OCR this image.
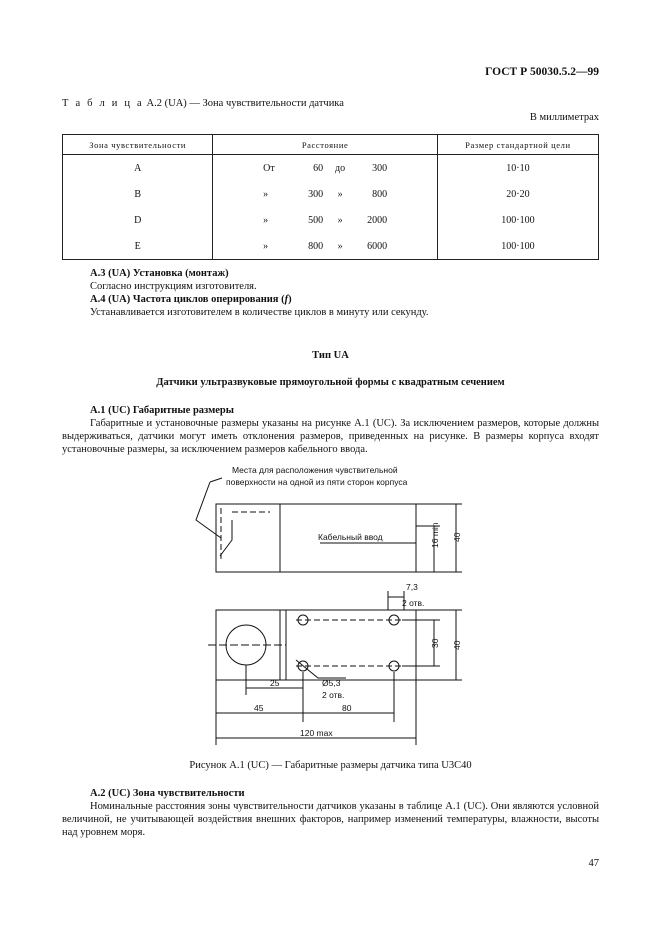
ГОСТ Р 50030.5.2—99
Т а б л и ц а А.2 (UA) — Зона чувствительности датчика
В миллиметрах
Зона чувствительности	Расстояние	Размер стандартной цели
A	От 60 до 300	10·10
B	» 300 » 800	20·20
D	» 500 » 2000	100·100
E	» 800 » 6000	100·100
А.3 (UA) Установка (монтаж)
Согласно инструкциям изготовителя.
А.4 (UA) Частота циклов оперирования (f)
Устанавливается изготовителем в количестве циклов в минуту или секунду.
Тип UA
Датчики ультразвуковые прямоугольной формы с квадратным сечением
А.1 (UC) Габаритные размеры
Габаритные и установочные размеры указаны на рисунке А.1 (UC). За исключением размеров, которые должны выдерживаться, датчики могут иметь отклонения размеров, приведенных на рисунке. В размеры корпуса входят установочные размеры, за исключением размеров кабельного ввода.
Места для расположения чувствительной
поверхности на одной из пяти сторон корпуса
Кабельный ввод	16 min 40
7,3
2 отв.
30 40
25	Ø5,3
2 отв.
45	80
120 max
Рисунок А.1 (UC) — Габаритные размеры датчика типа U3C40
А.2 (UC) Зона чувствительности
Номинальные расстояния зоны чувствительности датчиков указаны в таблице А.1 (UC). Они являются условной величиной, не учитывающей воздействия внешних факторов, например изменений температуры, влажности, высоты над уровнем моря.
47
